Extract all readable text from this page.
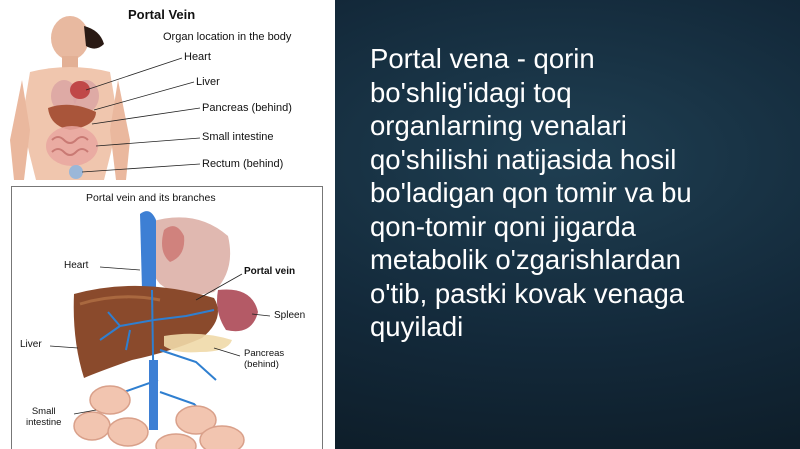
Portal Vein
Organ location in the body
Heart
Liver
Pancreas (behind)
Small intestine
Rectum (behind)
Portal vein and its branches
Heart
Portal vein
Spleen
Liver
Pancreas
(behind)
Small
intestine
Portal vena - qorin
bo'shlig'idagi toq
organlarning venalari
qo'shilishi natijasida hosil
bo'ladigan qon tomir va bu
qon-tomir qoni jigarda
metabolik o'zgarishlardan
o'tib, pastki kovak venaga
quyiladi
